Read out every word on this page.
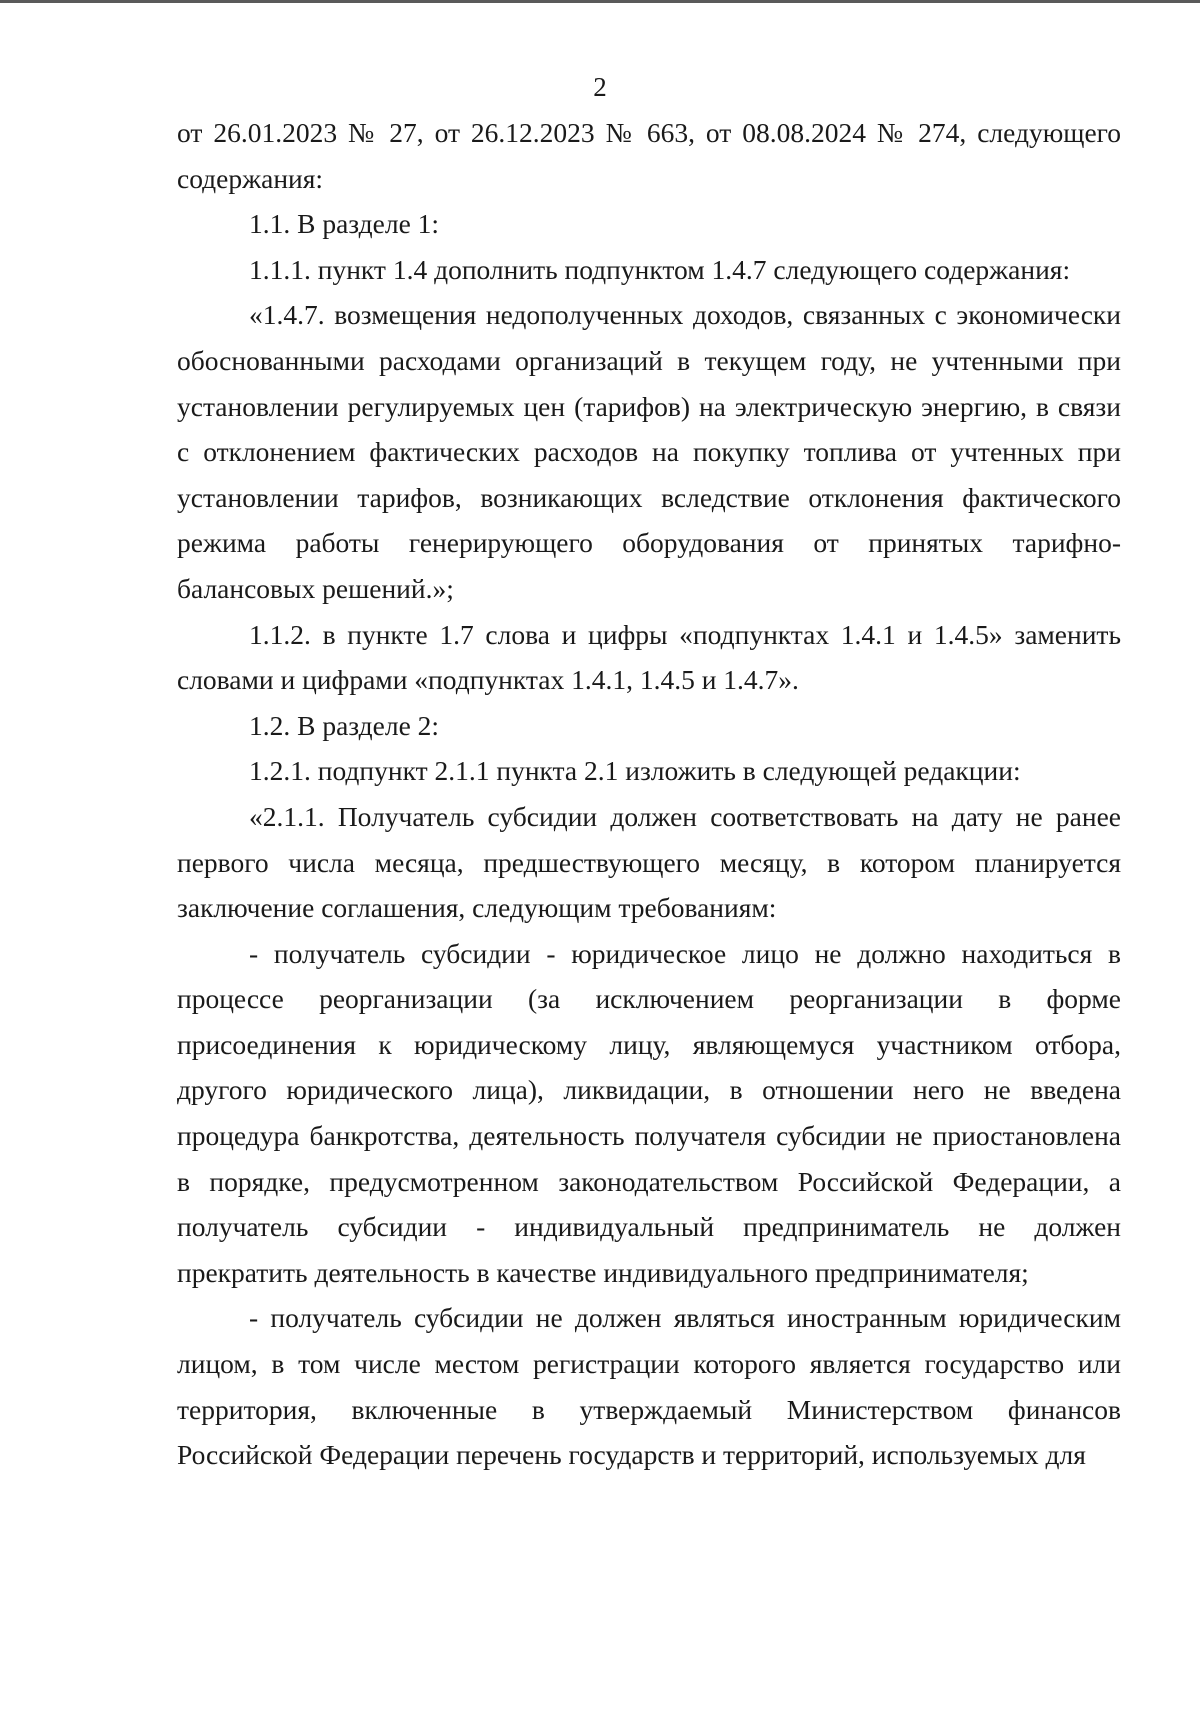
2

от 26.01.2023 № 27, от 26.12.2023 № 663, от 08.08.2024 № 274, следующего содержания:

1.1. В разделе 1:

1.1.1. пункт 1.4 дополнить подпунктом 1.4.7 следующего содержания:

«1.4.7. возмещения недополученных доходов, связанных с экономически обоснованными расходами организаций в текущем году, не учтенными при установлении регулируемых цен (тарифов) на электрическую энергию, в связи с отклонением фактических расходов на покупку топлива от учтенных при установлении тарифов, возникающих вследствие отклонения фактического режима работы генерирующего оборудования от принятых тарифно-балансовых решений.»;

1.1.2. в пункте 1.7 слова и цифры «подпунктах 1.4.1 и 1.4.5» заменить словами и цифрами «подпунктах 1.4.1, 1.4.5 и 1.4.7».

1.2. В разделе 2:

1.2.1. подпункт 2.1.1 пункта 2.1 изложить в следующей редакции:

«2.1.1. Получатель субсидии должен соответствовать на дату не ранее первого числа месяца, предшествующего месяцу, в котором планируется заключение соглашения, следующим требованиям:

- получатель субсидии - юридическое лицо не должно находиться в процессе реорганизации (за исключением реорганизации в форме присоединения к юридическому лицу, являющемуся участником отбора, другого юридического лица), ликвидации, в отношении него не введена процедура банкротства, деятельность получателя субсидии не приостановлена в порядке, предусмотренном законодательством Российской Федерации, а получатель субсидии - индивидуальный предприниматель не должен прекратить деятельность в качестве индивидуального предпринимателя;

- получатель субсидии не должен являться иностранным юридическим лицом, в том числе местом регистрации которого является государство или территория, включенные в утверждаемый Министерством финансов Российской Федерации перечень государств и территорий, используемых для
